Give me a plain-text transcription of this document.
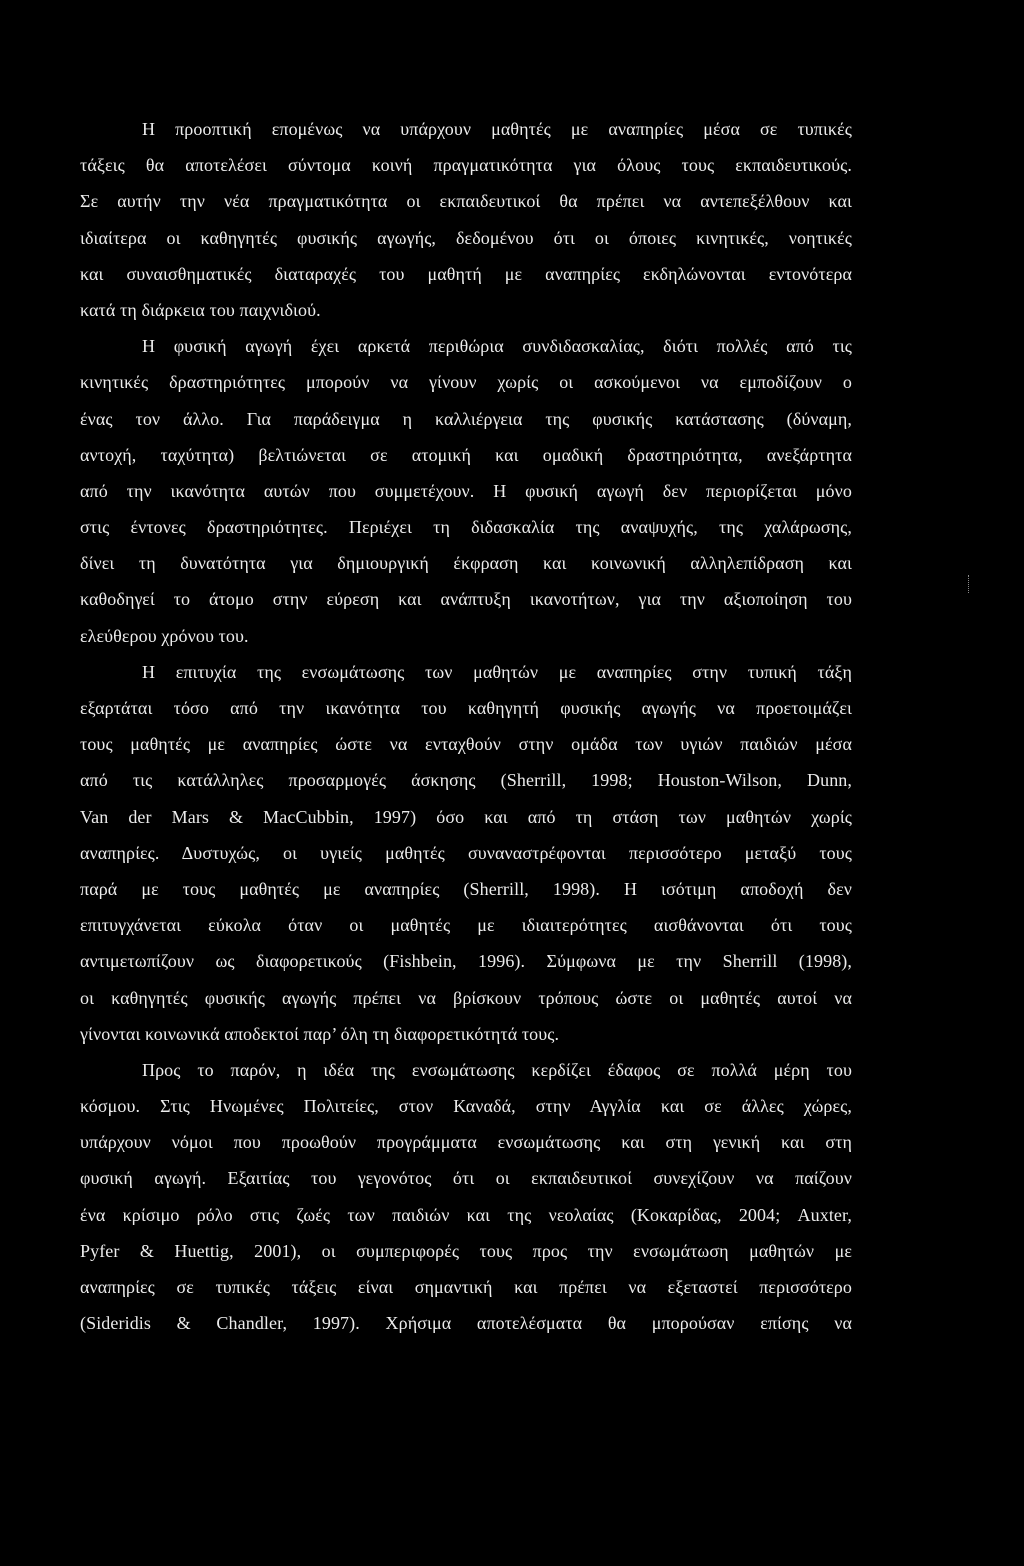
Η προοπτική επομένως να υπάρχουν μαθητές με αναπηρίες μέσα σε τυπικές
τάξεις θα αποτελέσει σύντομα κοινή πραγματικότητα για όλους τους εκπαιδευτικούς.
Σε αυτήν την νέα πραγματικότητα οι εκπαιδευτικοί θα πρέπει να αντεπεξέλθουν και
ιδιαίτερα οι καθηγητές φυσικής αγωγής, δεδομένου ότι οι όποιες κινητικές, νοητικές
και συναισθηματικές διαταραχές του μαθητή με αναπηρίες εκδηλώνονται εντονότερα
κατά τη διάρκεια του παιχνιδιού.
Η φυσική αγωγή έχει αρκετά περιθώρια συνδιδασκαλίας, διότι πολλές από τις
κινητικές δραστηριότητες μπορούν να γίνουν χωρίς οι ασκούμενοι να εμποδίζουν ο
ένας τον άλλο. Για παράδειγμα η καλλιέργεια της φυσικής κατάστασης (δύναμη,
αντοχή, ταχύτητα) βελτιώνεται σε ατομική και ομαδική δραστηριότητα, ανεξάρτητα
από την ικανότητα αυτών που συμμετέχουν. Η φυσική αγωγή δεν περιορίζεται μόνο
στις έντονες δραστηριότητες. Περιέχει τη διδασκαλία της αναψυχής, της χαλάρωσης,
δίνει τη δυνατότητα για δημιουργική έκφραση και κοινωνική αλληλεπίδραση και
καθοδηγεί το άτομο στην εύρεση και ανάπτυξη ικανοτήτων, για την αξιοποίηση του
ελεύθερου χρόνου του.
Η επιτυχία της ενσωμάτωσης των μαθητών με αναπηρίες στην τυπική τάξη
εξαρτάται τόσο από την ικανότητα του καθηγητή φυσικής αγωγής να προετοιμάζει
τους μαθητές με αναπηρίες ώστε να ενταχθούν στην ομάδα των υγιών παιδιών μέσα
από τις κατάλληλες προσαρμογές άσκησης (Sherrill, 1998; Houston-Wilson, Dunn,
Van der Mars & MacCubbin, 1997) όσο και από τη στάση των μαθητών χωρίς
αναπηρίες. Δυστυχώς, οι υγιείς μαθητές συναναστρέφονται περισσότερο μεταξύ τους
παρά με τους μαθητές με αναπηρίες (Sherrill, 1998). Η ισότιμη αποδοχή δεν
επιτυγχάνεται εύκολα όταν οι μαθητές με ιδιαιτερότητες αισθάνονται ότι τους
αντιμετωπίζουν ως διαφορετικούς (Fishbein, 1996). Σύμφωνα με την Sherrill (1998),
οι καθηγητές φυσικής αγωγής πρέπει να βρίσκουν τρόπους ώστε οι μαθητές αυτοί να
γίνονται κοινωνικά αποδεκτοί παρ’ όλη τη διαφορετικότητά τους.
Προς το παρόν, η ιδέα της ενσωμάτωσης κερδίζει έδαφος σε πολλά μέρη του
κόσμου. Στις Ηνωμένες Πολιτείες, στον Καναδά, στην Αγγλία και σε άλλες χώρες,
υπάρχουν νόμοι που προωθούν προγράμματα ενσωμάτωσης και στη γενική και στη
φυσική αγωγή. Εξαιτίας του γεγονότος ότι οι εκπαιδευτικοί συνεχίζουν να παίζουν
ένα κρίσιμο ρόλο στις ζωές των παιδιών και της νεολαίας (Κοκαρίδας, 2004; Auxter,
Pyfer & Huettig, 2001), οι συμπεριφορές τους προς την ενσωμάτωση μαθητών με
αναπηρίες σε τυπικές τάξεις είναι σημαντική και πρέπει να εξεταστεί περισσότερο
(Sideridis & Chandler, 1997). Χρήσιμα αποτελέσματα θα μπορούσαν επίσης να
